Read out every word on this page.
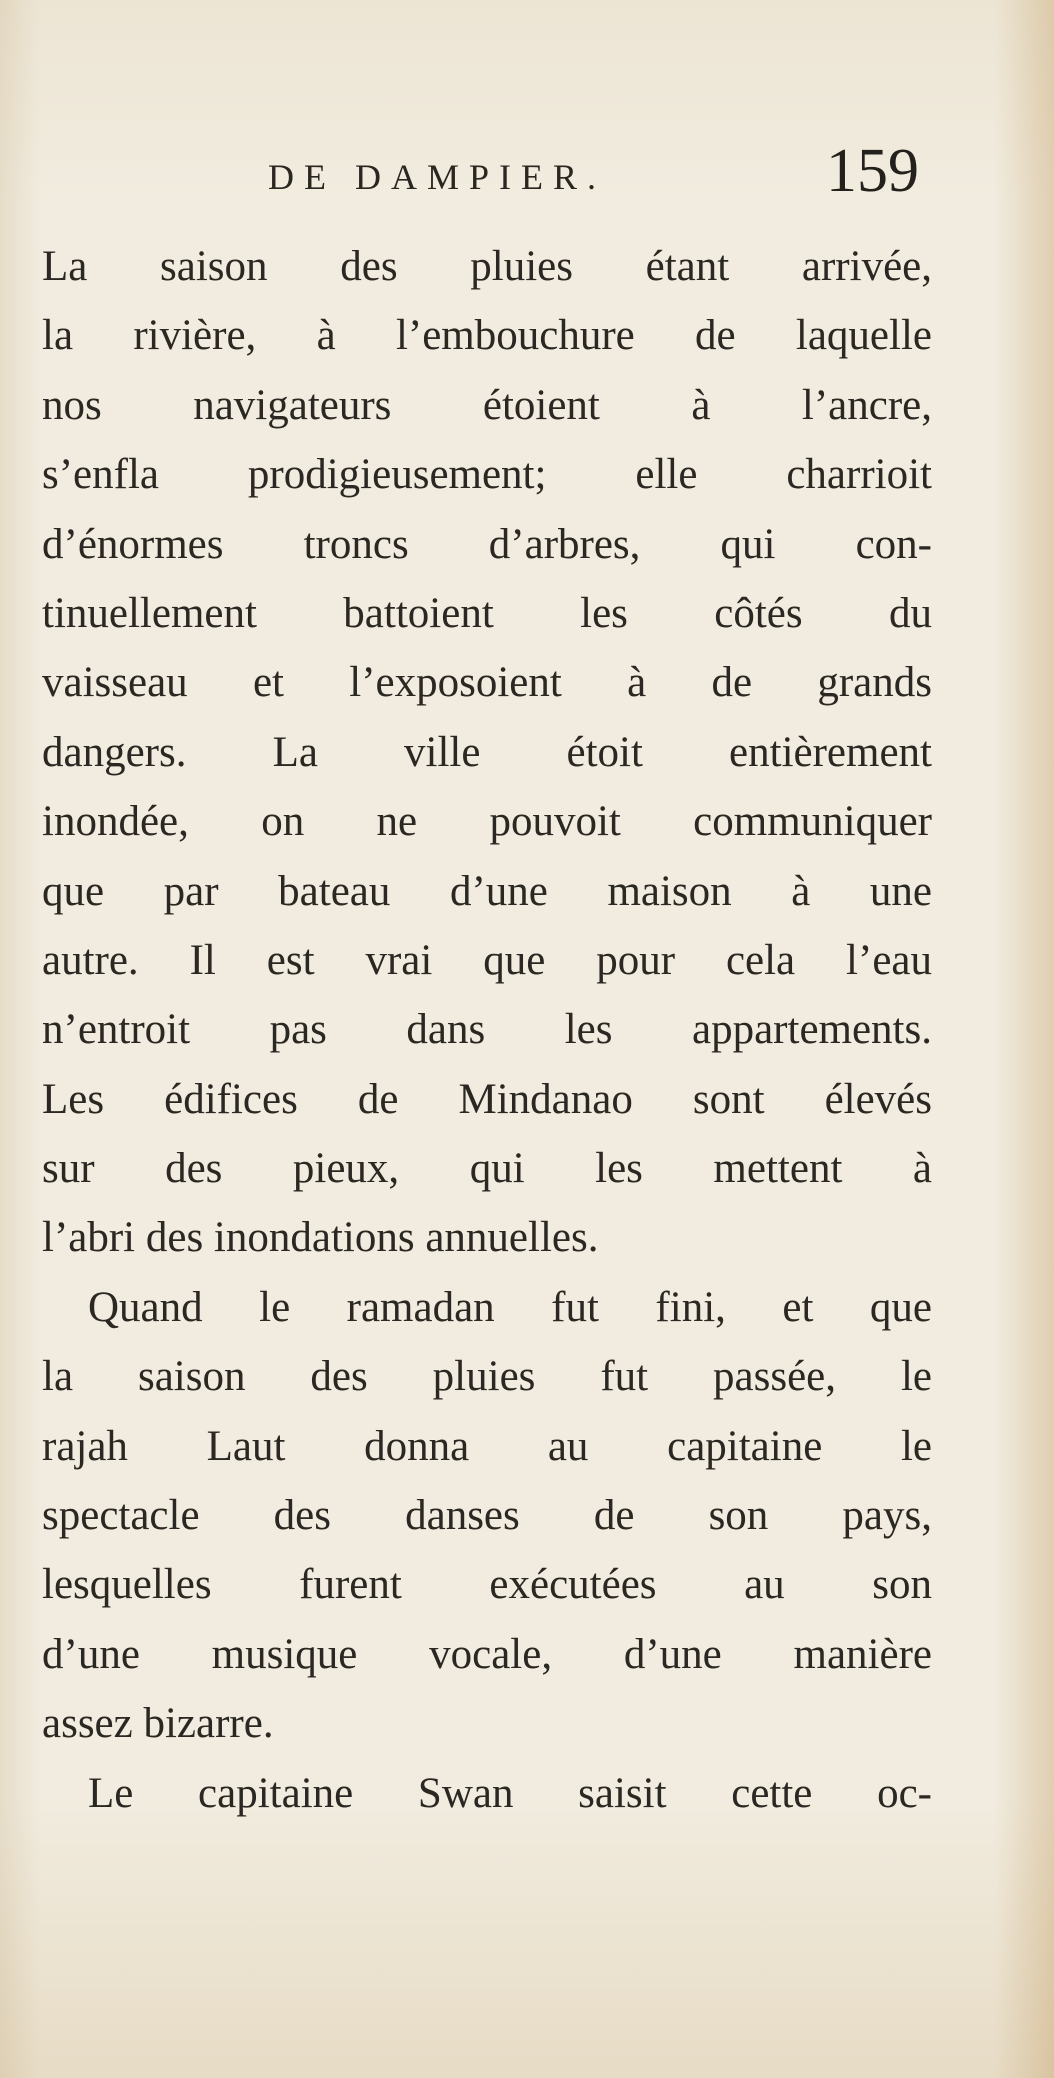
DE DAMPIER.	159
La saison des pluies étant arrivée,
la rivière, à l’embouchure de laquelle
nos navigateurs étoient à l’ancre,
s’enfla prodigieusement; elle charrioit
d’énormes troncs d’arbres, qui con-
tinuellement battoient les côtés du
vaisseau et l’exposoient à de grands
dangers. La ville étoit entièrement
inondée, on ne pouvoit communiquer
que par bateau d’une maison à une
autre. Il est vrai que pour cela l’eau
n’entroit pas dans les appartements.
Les édifices de Mindanao sont élevés
sur des pieux, qui les mettent à
l’abri des inondations annuelles.
Quand le ramadan fut fini, et que
la saison des pluies fut passée, le
rajah Laut donna au capitaine le
spectacle des danses de son pays,
lesquelles furent exécutées au son
d’une musique vocale, d’une manière
assez bizarre.
Le capitaine Swan saisit cette oc-
